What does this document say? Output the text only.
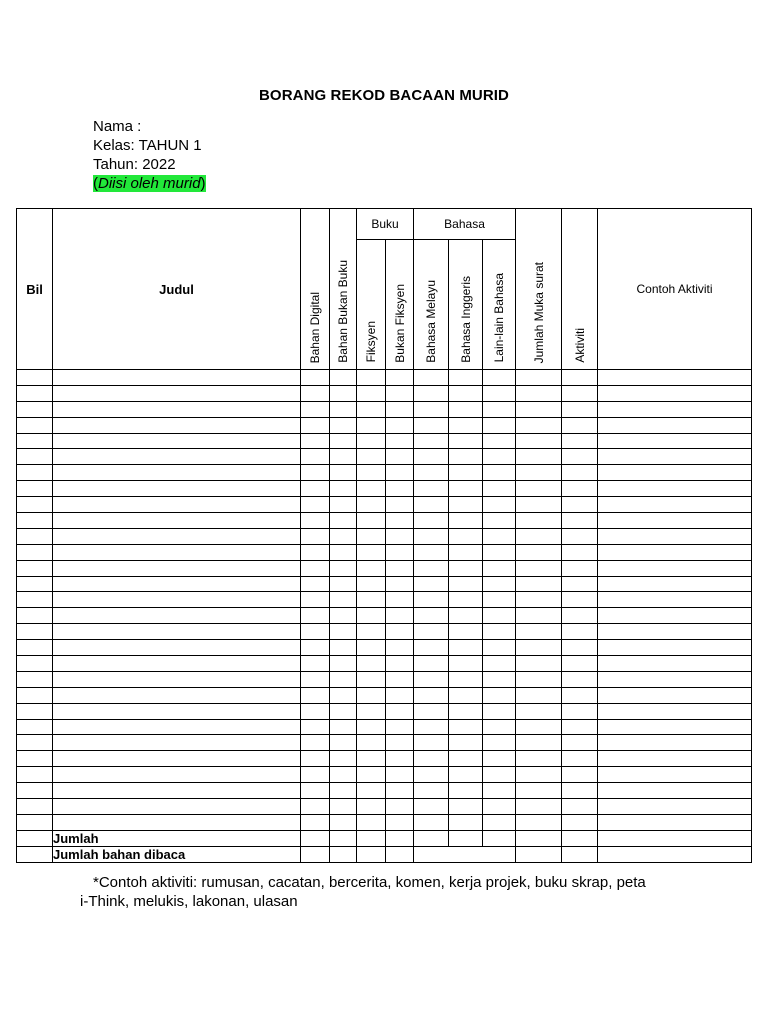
BORANG REKOD BACAAN MURID
Nama :
Kelas: TAHUN 1
Tahun: 2022
(Diisi oleh murid)
Bil	Judul	Bahan Digital	Bahan Bukan Buku	Buku		Bahasa			Jumlah Muka surat	Aktiviti	Contoh Aktiviti

				Fiksyen	Bukan Fiksyen	Bahasa Melayu	Bahasa Inggeris	Lain-lain Bahasa			

	Jumlah										
	Jumlah bahan dibaca										
*Contoh aktiviti: rumusan, cacatan, bercerita, komen, kerja projek, buku skrap, peta
i-Think, melukis, lakonan, ulasan
